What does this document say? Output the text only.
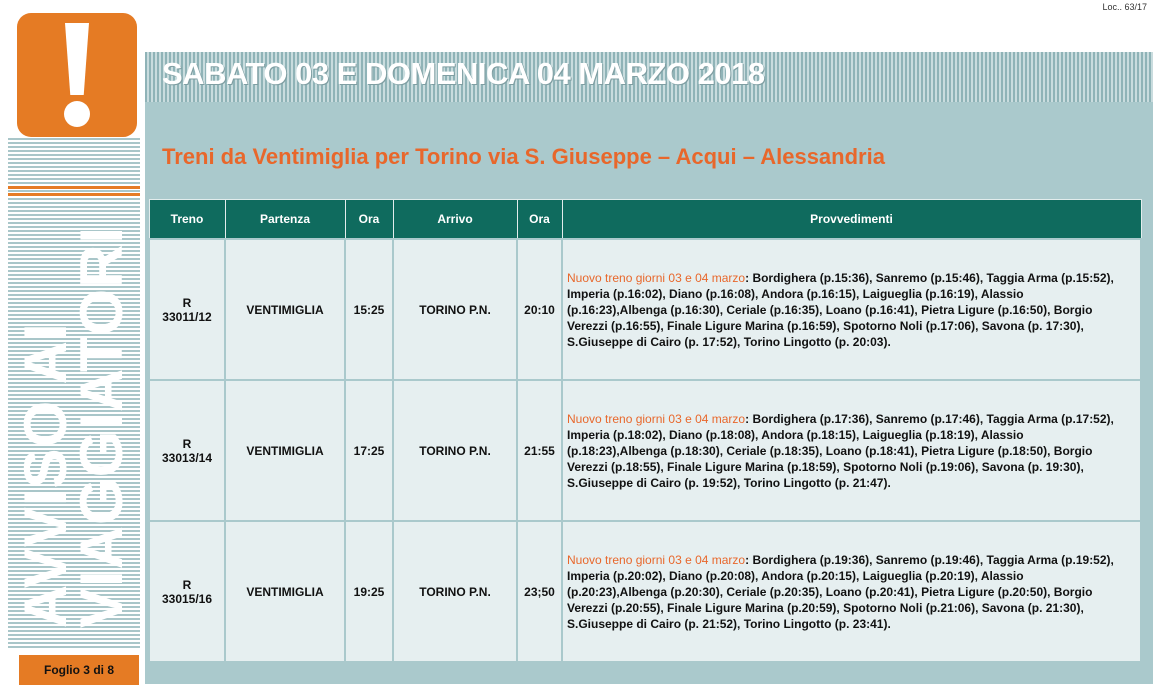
Loc.. 63/17
AVVISO AI
VIAGGIATORI
SABATO 03 E DOMENICA 04 MARZO 2018
Treni da Ventimiglia per Torino via S. Giuseppe – Acqui – Alessandria
Treno	Partenza	Ora	Arrivo	Ora	Provvedimenti
R
33011/12	VENTIMIGLIA	15:25	TORINO P.N.	20:10	Nuovo treno giorni 03 e 04 marzo: Bordighera (p.15:36), Sanremo (p.15:46), Taggia Arma (p.15:52), Imperia (p.16:02), Diano (p.16:08), Andora (p.16:15), Laigueglia (p.16:19), Alassio (p.16:23),Albenga (p.16:30), Ceriale (p.16:35), Loano (p.16:41), Pietra Ligure (p.16:50), Borgio Verezzi (p.16:55), Finale Ligure Marina (p.16:59), Spotorno Noli (p.17:06), Savona (p. 17:30), S.Giuseppe di Cairo (p. 17:52), Torino Lingotto (p. 20:03).
R
33013/14	VENTIMIGLIA	17:25	TORINO P.N.	21:55	Nuovo treno giorni 03 e 04 marzo: Bordighera (p.17:36), Sanremo (p.17:46), Taggia Arma (p.17:52), Imperia (p.18:02), Diano (p.18:08), Andora (p.18:15), Laigueglia (p.18:19), Alassio (p.18:23),Albenga (p.18:30), Ceriale (p.18:35), Loano (p.18:41), Pietra Ligure (p.18:50), Borgio Verezzi (p.18:55), Finale Ligure Marina (p.18:59), Spotorno Noli (p.19:06), Savona (p. 19:30), S.Giuseppe di Cairo (p. 19:52), Torino Lingotto (p. 21:47).
R
33015/16	VENTIMIGLIA	19:25	TORINO P.N.	23;50	Nuovo treno giorni 03 e 04 marzo: Bordighera (p.19:36), Sanremo (p.19:46), Taggia Arma (p.19:52), Imperia (p.20:02), Diano (p.20:08), Andora (p.20:15), Laigueglia (p.20:19), Alassio (p.20:23),Albenga (p.20:30), Ceriale (p.20:35), Loano (p.20:41), Pietra Ligure (p.20:50), Borgio Verezzi (p.20:55), Finale Ligure Marina (p.20:59), Spotorno Noli (p.21:06), Savona (p. 21:30), S.Giuseppe di Cairo (p. 21:52), Torino Lingotto (p. 23:41).
Foglio 3 di 8
